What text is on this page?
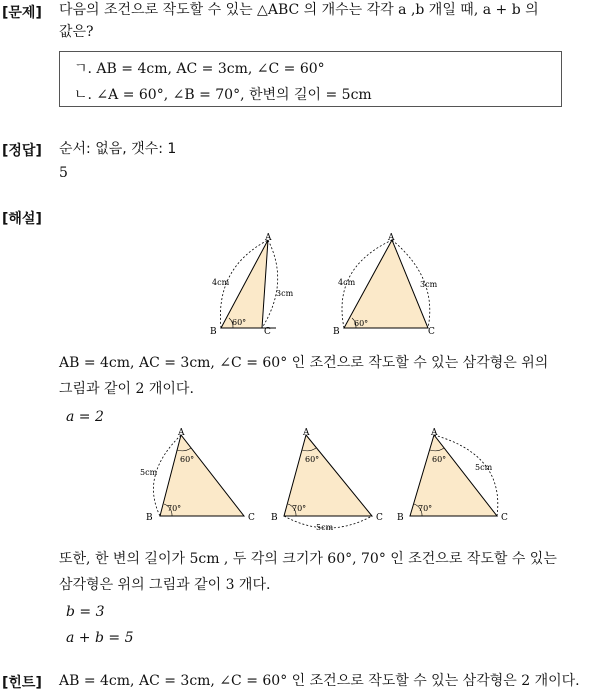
[문제] 다음의 조건으로 작도할 수 있는 △ABC 의 개수는 각각 a ,b 개일 때, a + b 의
값은?
ㄱ. AB = 4cm, AC = 3cm, ∠C = 60°
ㄴ. ∠A = 60°, ∠B = 70°, 한변의 길이 = 5cm
[정답] 순서: 없음, 갯수: 1
5
[해설]
A
B	C
4cm
3cm
60°
A
B	C
4cm	3cm
60°
AB = 4cm, AC = 3cm, ∠C = 60° 인 조건으로 작도할 수 있는 삼각형은 위의
그림과 같이 2 개이다.
a = 2
A
B	C
60°
70°
5cm
A
B	C
60°
70°
5cm
A
B	C
60°
70°
5cm
또한, 한 변의 길이가 5cm , 두 각의 크기가 60°, 70° 인 조건으로 작도할 수 있는
삼각형은 위의 그림과 같이 3 개다.
b = 3
a + b = 5
[힌트] AB = 4cm, AC = 3cm, ∠C = 60° 인 조건으로 작도할 수 있는 삼각형은 2 개이다.
